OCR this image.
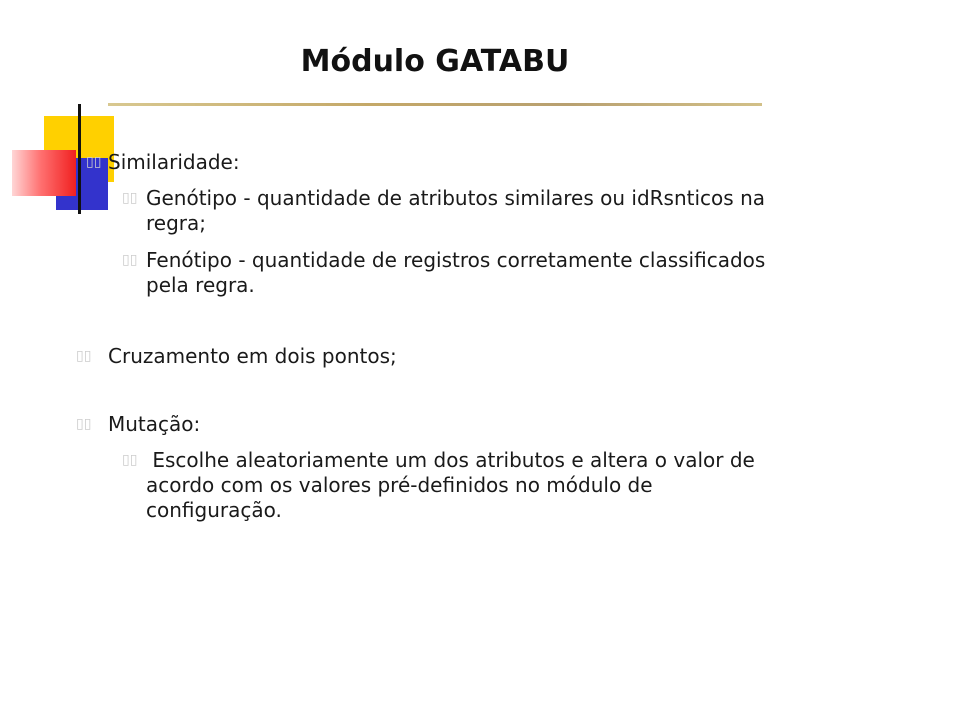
Módulo GATABU
▯▯ Similaridade:
▯▯ Genótipo - quantidade de atributos similares ou idRsnticos na regra;
▯▯ Fenótipo - quantidade de registros corretamente classificados pela regra.
▯▯ Cruzamento em dois pontos;
▯▯ Mutação:
▯▯ Escolhe aleatoriamente um dos atributos e altera o valor de acordo com os valores pré-definidos no módulo de configuração.
